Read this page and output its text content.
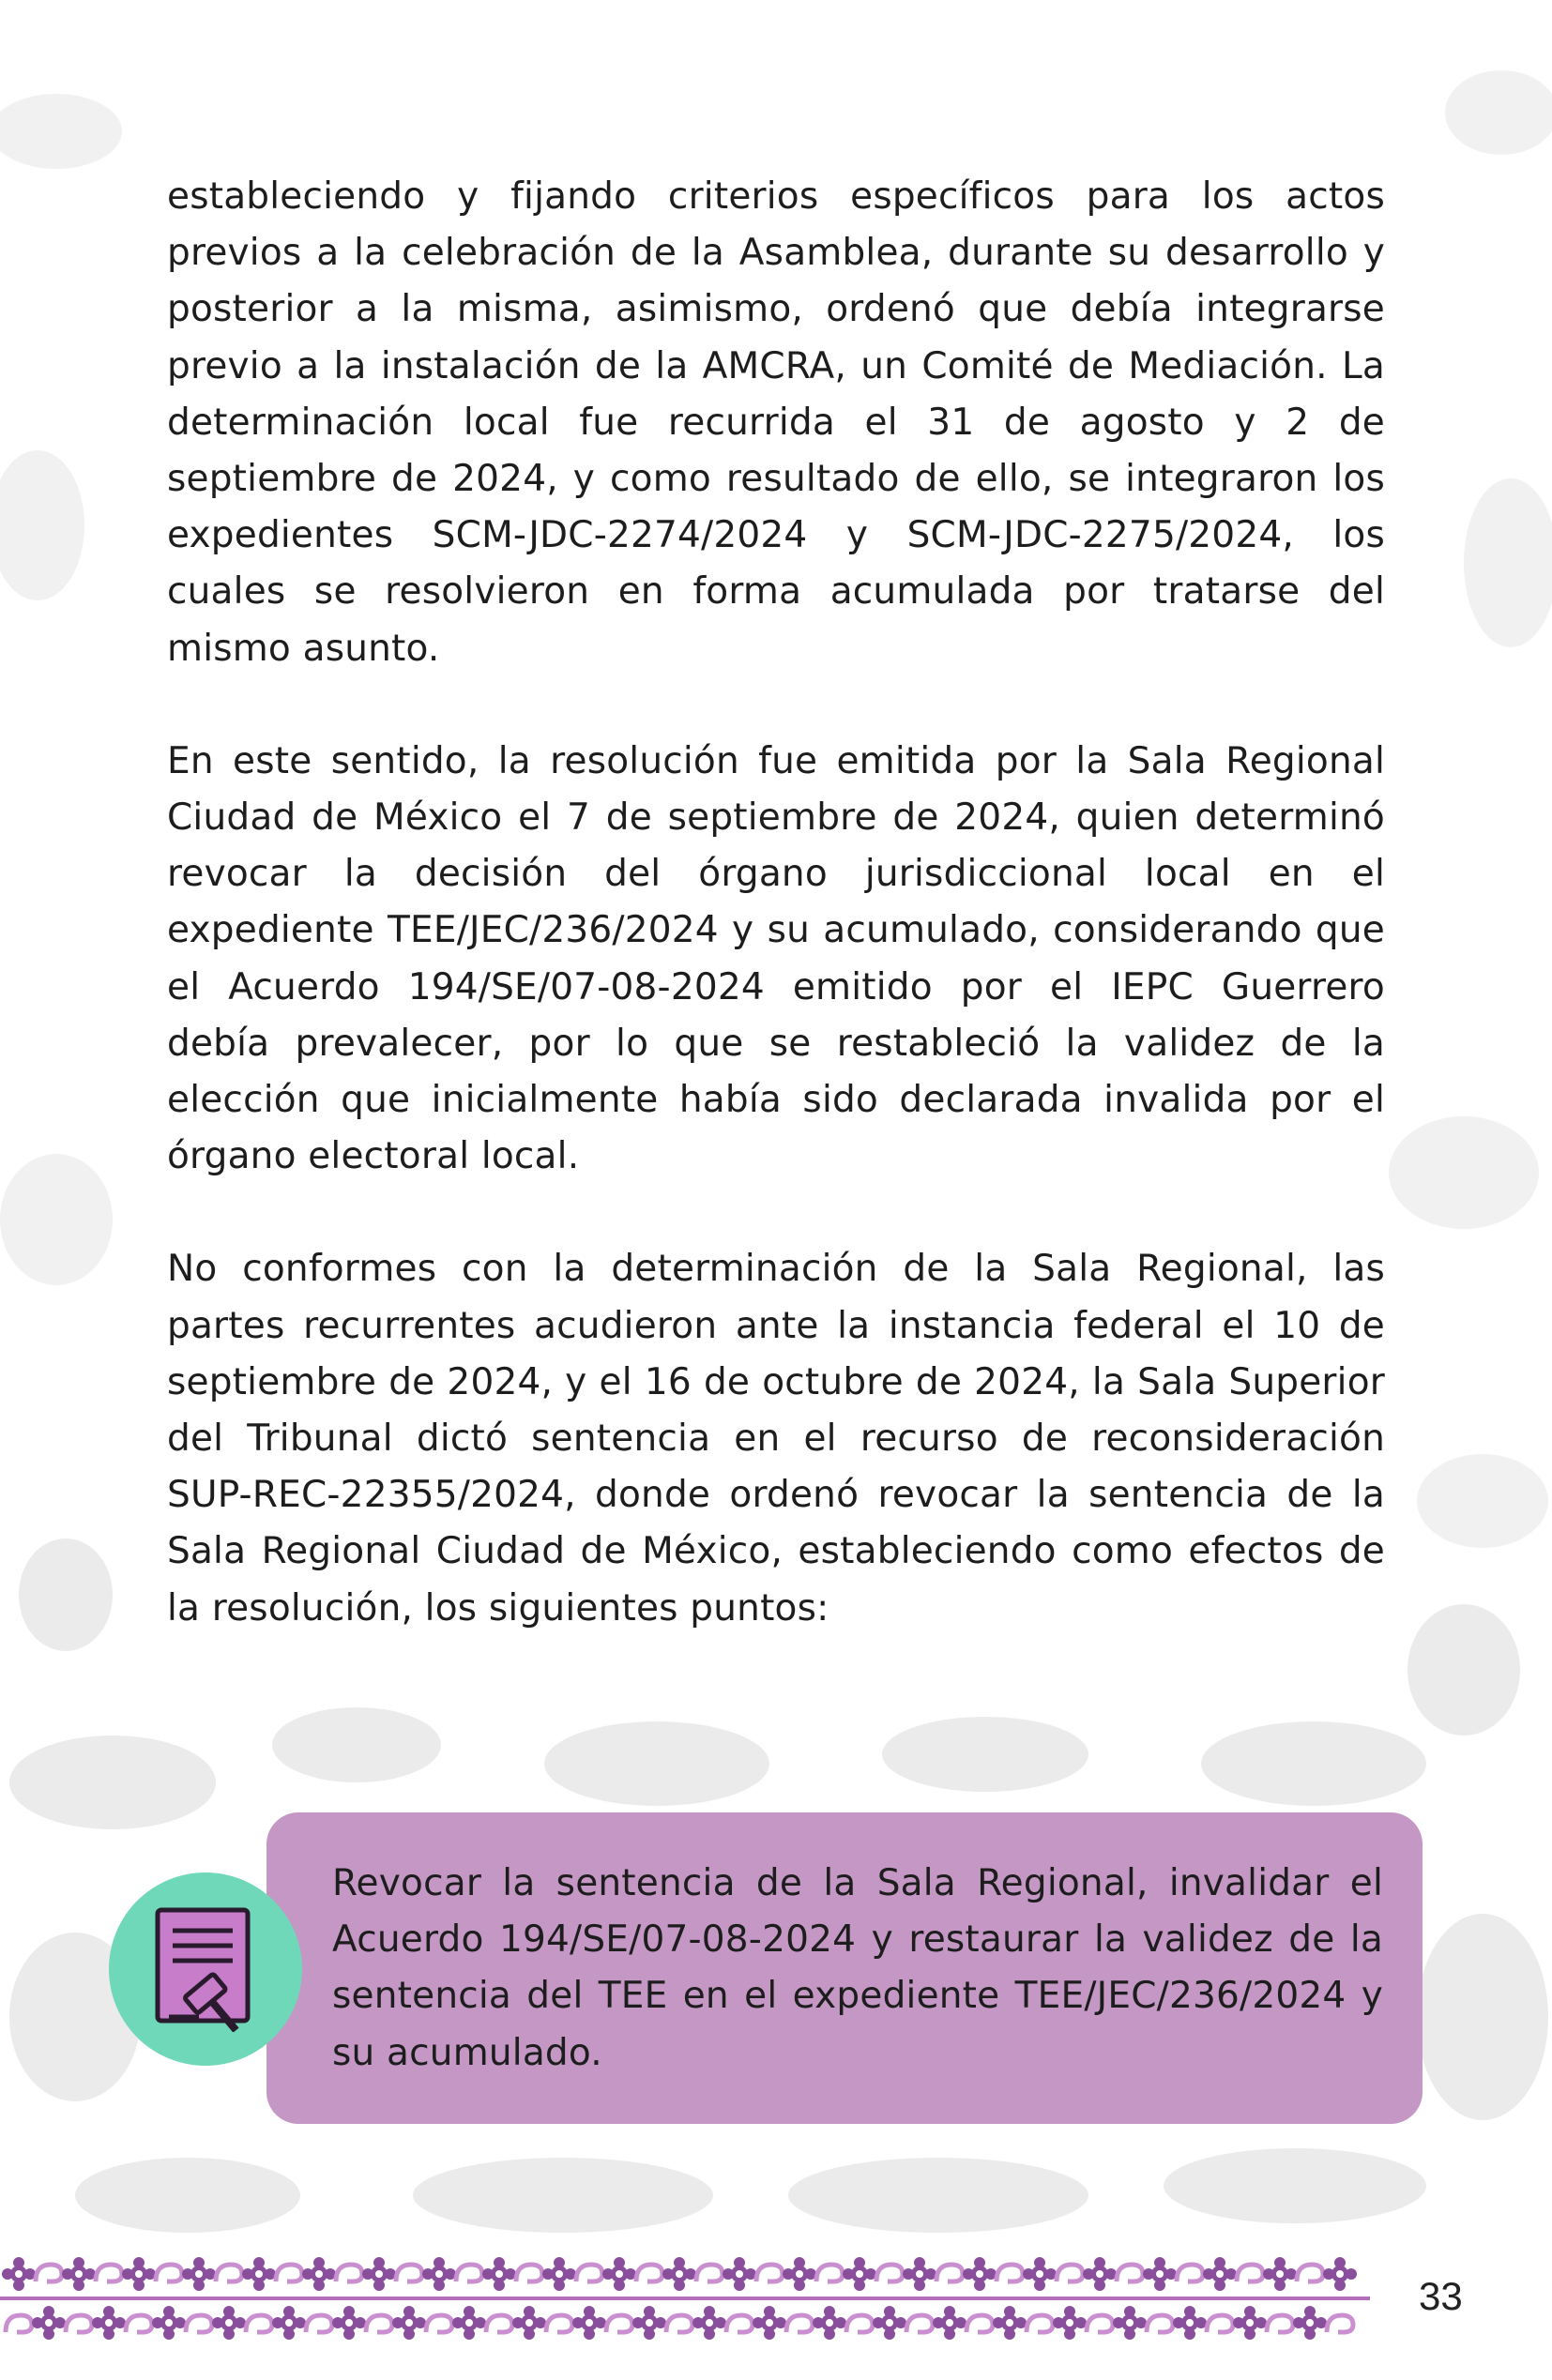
estableciendo y fijando criterios específicos para los actos previos a la celebración de la Asamblea, durante su desarrollo y posterior a la misma, asimismo, ordenó que debía integrarse previo a la instalación de la AMCRA, un Comité de Mediación. La determinación local fue recurrida el 31 de agosto y 2 de septiembre de 2024, y como resultado de ello, se integraron los expedientes SCM-JDC-2274/2024 y SCM-JDC-2275/2024, los cuales se resolvieron en forma acumulada por tratarse del mismo asunto.

En este sentido, la resolución fue emitida por la Sala Regional Ciudad de México el 7 de septiembre de 2024, quien determinó revocar la decisión del órgano jurisdiccional local en el expediente TEE/JEC/236/2024 y su acumulado, considerando que el Acuerdo 194/SE/07-08-2024 emitido por el IEPC Guerrero debía prevalecer, por lo que se restableció la validez de la elección que inicialmente había sido declarada invalida por el órgano electoral local.

No conformes con la determinación de la Sala Regional, las partes recurrentes acudieron ante la instancia federal el 10 de septiembre de 2024, y el 16 de octubre de 2024, la Sala Superior del Tribunal dictó sentencia en el recurso de reconsideración SUP-REC-22355/2024, donde ordenó revocar la sentencia de la Sala Regional Ciudad de México, estableciendo como efectos de la resolución, los siguientes puntos:

Revocar la sentencia de la Sala Regional, invalidar el Acuerdo 194/SE/07-08-2024 y restaurar la validez de la sentencia del TEE en el expediente TEE/JEC/236/2024 y su acumulado.

33
